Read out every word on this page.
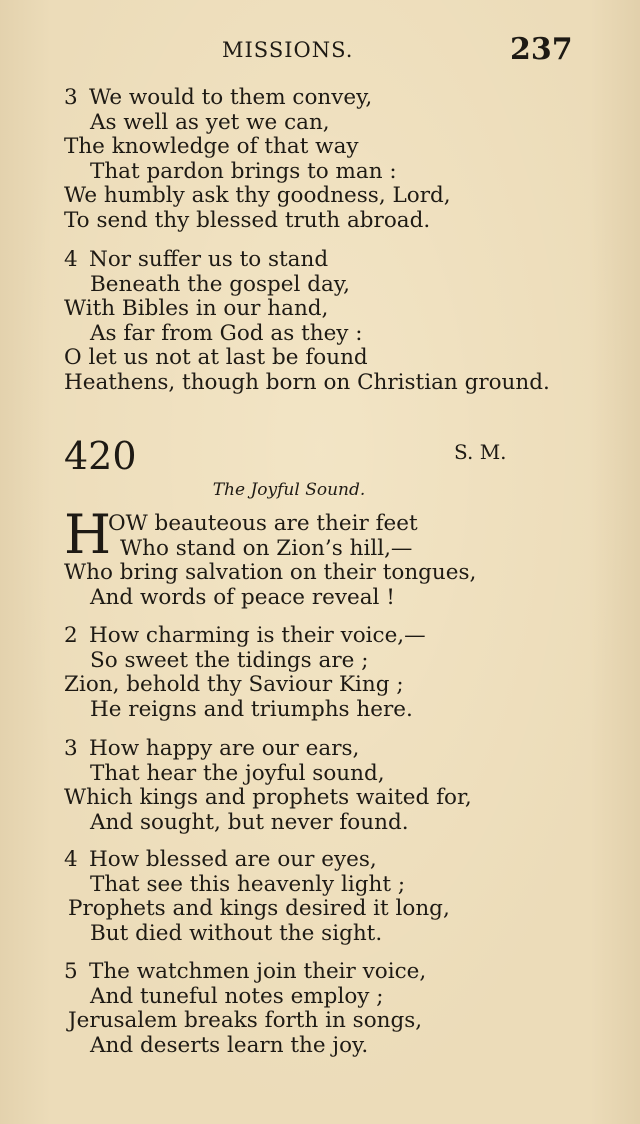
MISSIONS.	237
3 We would to them convey,
As well as yet we can,
The knowledge of that way
That pardon brings to man :
We humbly ask thy goodness, Lord,
To send thy blessed truth abroad.
4 Nor suffer us to stand
Beneath the gospel day,
With Bibles in our hand,
As far from God as they :
O let us not at last be found
Heathens, though born on Christian ground.
420	S. M.
The Joyful Sound.
H
OW beauteous are their feet
Who stand on Zion’s hill,—
Who bring salvation on their tongues,
And words of peace reveal !
2 How charming is their voice,—
So sweet the tidings are ;
Zion, behold thy Saviour King ;
He reigns and triumphs here.
3 How happy are our ears,
That hear the joyful sound,
Which kings and prophets waited for,
And sought, but never found.
4 How blessed are our eyes,
That see this heavenly light ;
Prophets and kings desired it long,
But died without the sight.
5 The watchmen join their voice,
And tuneful notes employ ;
Jerusalem breaks forth in songs,
And deserts learn the joy.
